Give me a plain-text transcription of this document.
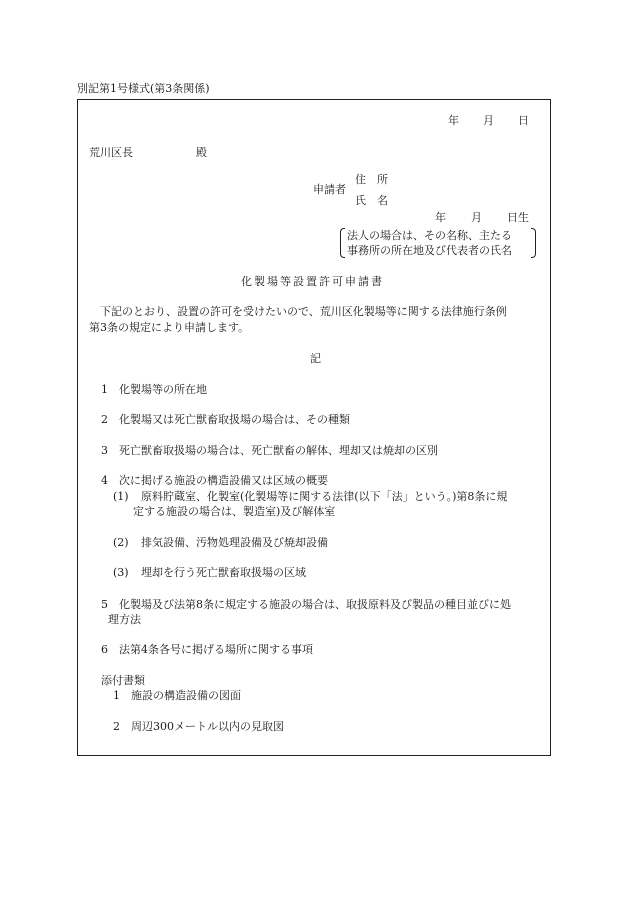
別記第1号様式(第3条関係)
年 月 日
荒川区長	殿
住　所
申請者
氏　名
年 月 日生
法人の場合は、その名称、主たる
事務所の所在地及び代表者の氏名
化製場等設置許可申請書
下記のとおり、設置の許可を受けたいので、荒川区化製場等に関する法律施行条例
第3条の規定により申請します。
記
1 化製場等の所在地
2 化製場又は死亡獣畜取扱場の場合は、その種類
3 死亡獣畜取扱場の場合は、死亡獣畜の解体、埋却又は焼却の区別
4 次に掲げる施設の構造設備又は区域の概要
(1) 原料貯蔵室、化製室(化製場等に関する法律(以下「法」という。)第8条に規
定する施設の場合は、製造室)及び解体室
(2) 排気設備、汚物処理設備及び焼却設備
(3) 埋却を行う死亡獣畜取扱場の区域
5 化製場及び法第8条に規定する施設の場合は、取扱原料及び製品の種目並びに処
理方法
6 法第4条各号に掲げる場所に関する事項
添付書類
1 施設の構造設備の図面
2 周辺300メートル以内の見取図
